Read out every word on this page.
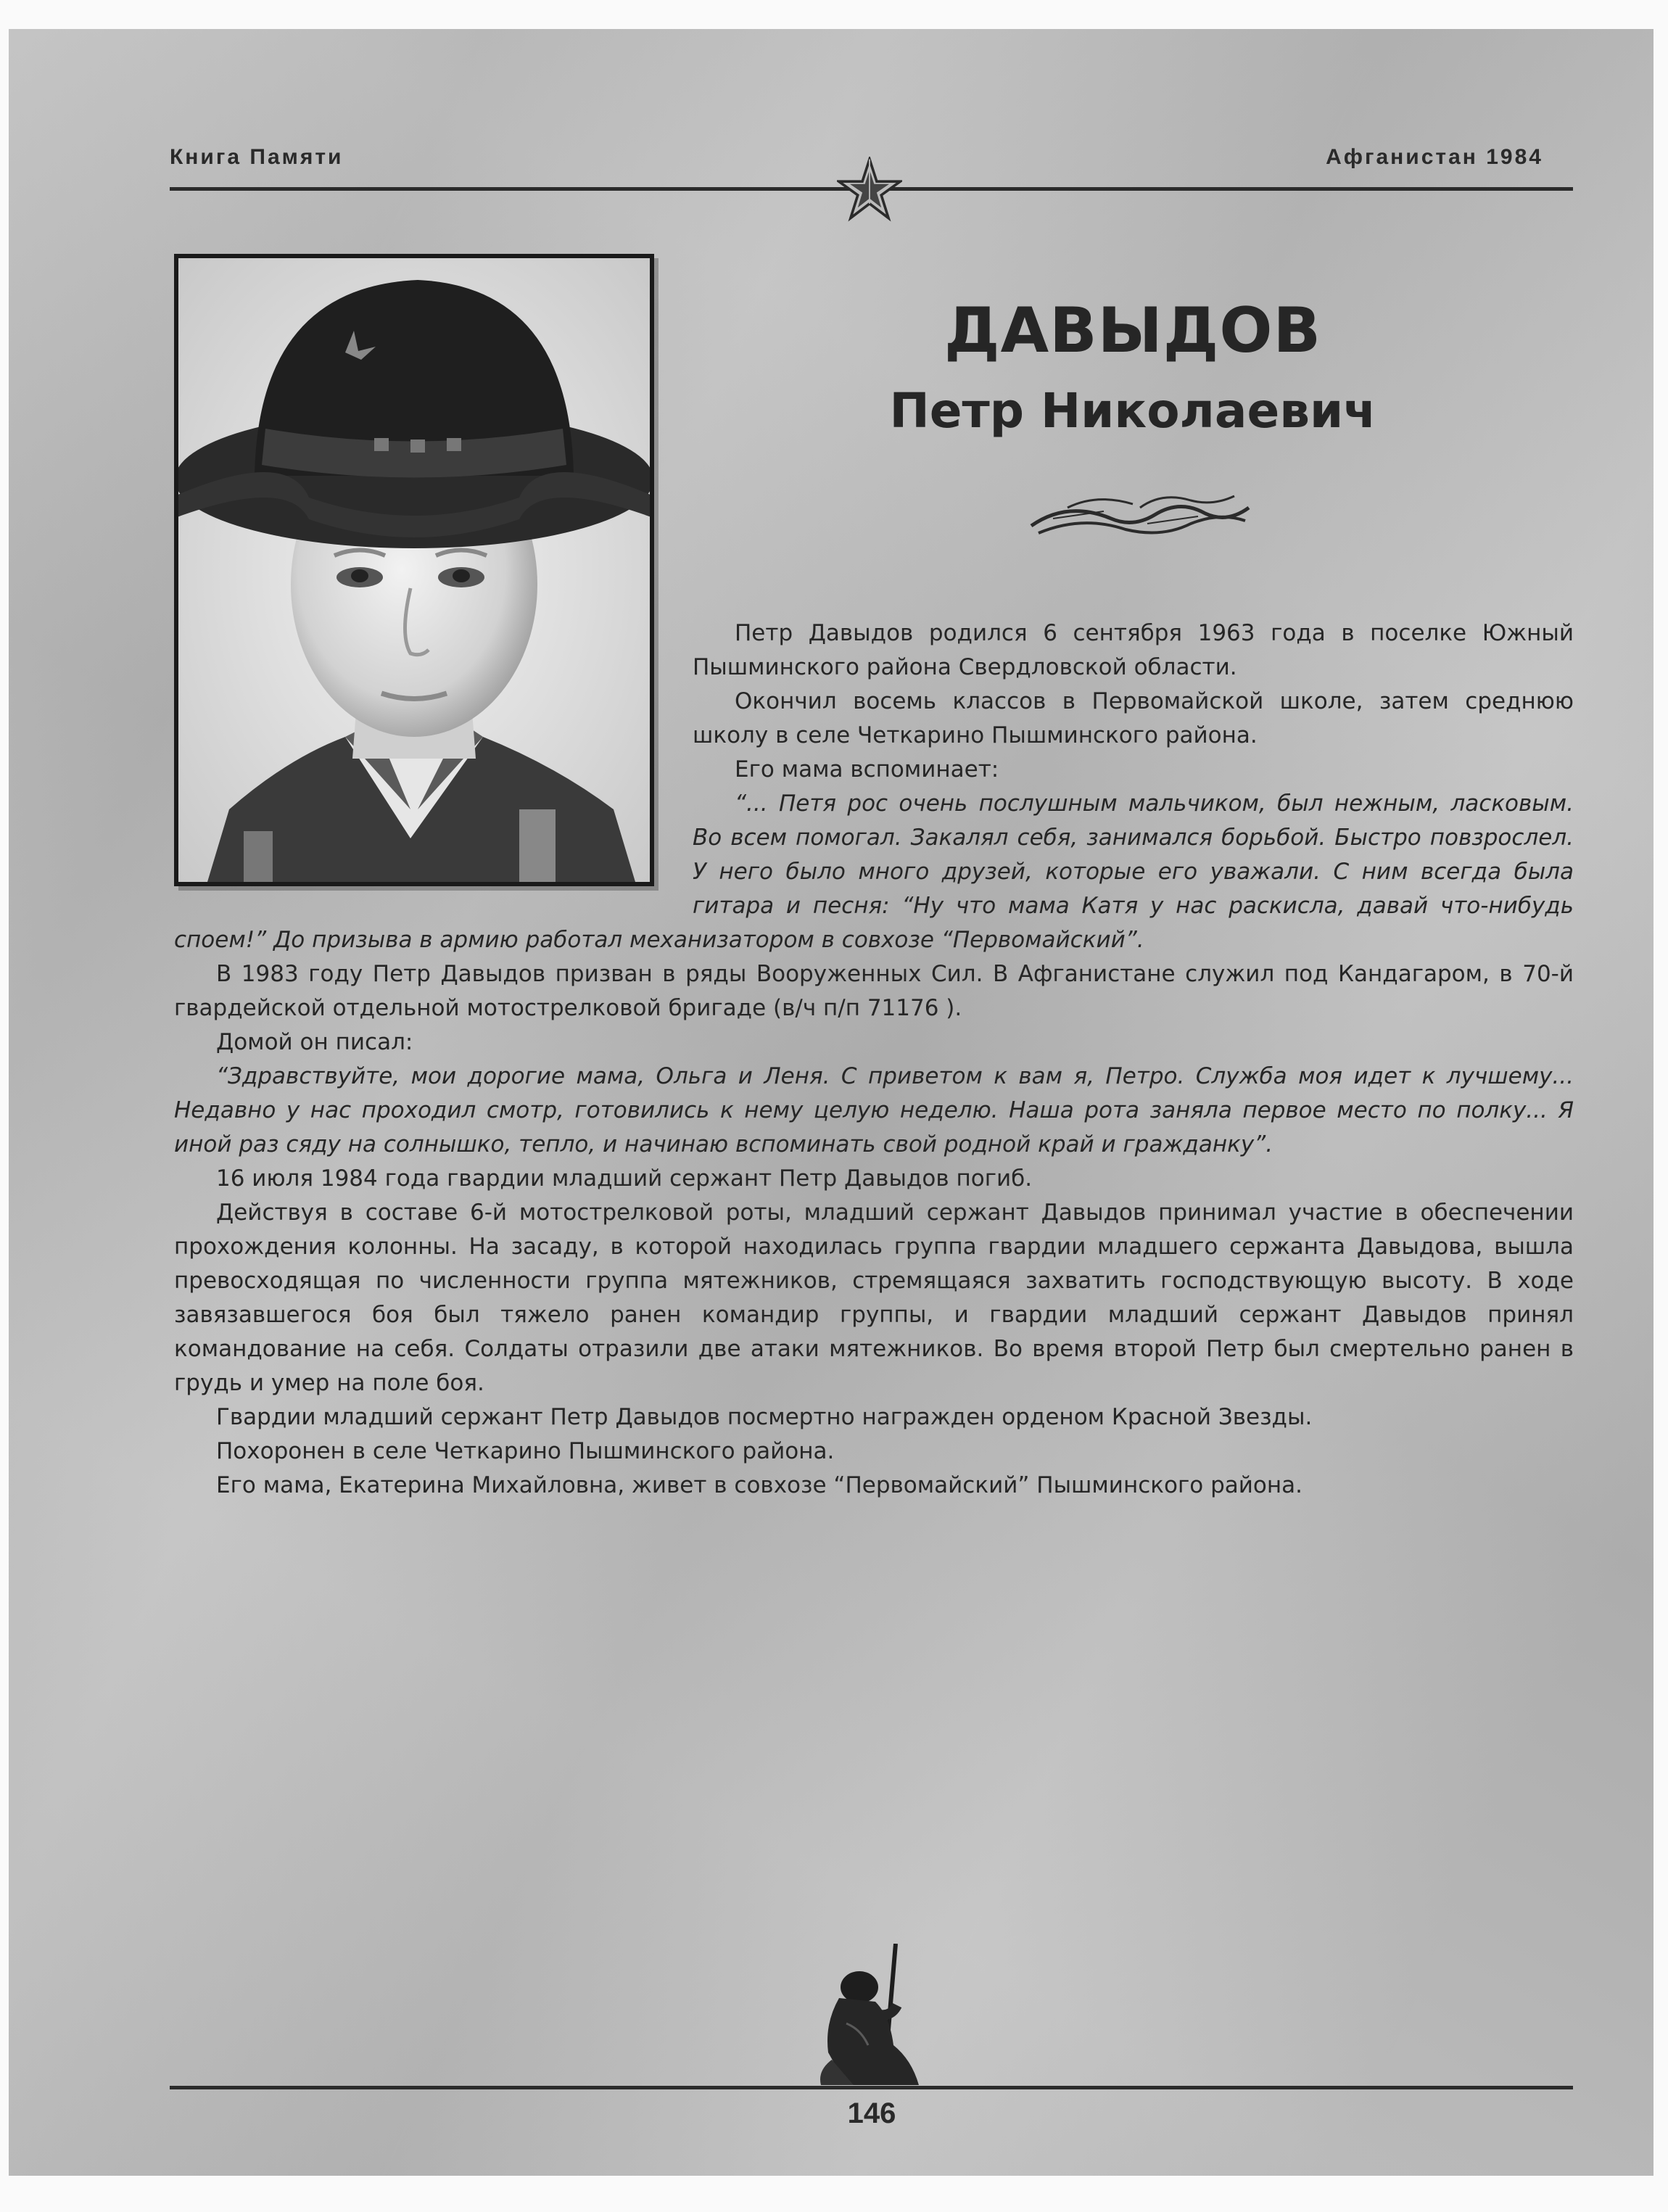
Книга Памяти	Афганистан 1984
ДАВЫДОВ
Петр Николаевич

Петр Давыдов родился 6 сентября 1963 года в поселке Южный Пышминского района Свердловской области.

Окончил восемь классов в Первомайской школе, затем среднюю школу в селе Четкарино Пышминского района.

Его мама вспоминает:

“... Петя рос очень послушным мальчиком, был нежным, ласковым. Во всем помогал. Закалял себя, занимался борьбой. Быстро повзрослел. У него было много друзей, которые его уважали. С ним всегда была гитара и песня: “Ну что мама Катя у нас раскисла, давай что-нибудь споем!” До призыва в армию работал механизатором в совхозе “Первомайский”.

В 1983 году Петр Давыдов призван в ряды Вооруженных Сил. В Афганистане служил под Кандагаром, в 70-й гвардейской отдельной мотострелковой бригаде (в/ч п/п 71176 ).

Домой он писал:

“Здравствуйте, мои дорогие мама, Ольга и Леня. С приветом к вам я, Петро. Служба моя идет к лучшему... Недавно у нас проходил смотр, готовились к нему целую неделю. Наша рота заняла первое место по полку... Я иной раз сяду на солнышко, тепло, и начинаю вспоминать свой родной край и гражданку”.

16 июля 1984 года гвардии младший сержант Петр Давыдов погиб.

Действуя в составе 6-й мотострелковой роты, младший сержант Давыдов принимал участие в обеспечении прохождения колонны. На засаду, в которой находилась группа гвардии младшего сержанта Давыдова, вышла превосходящая по численности группа мятежников, стремящаяся захватить господствующую высоту. В ходе завязавшегося боя был тяжело ранен командир группы, и гвардии младший сержант Давыдов принял командование на себя. Солдаты отразили две атаки мятежников. Во время второй Петр был смертельно ранен в грудь и умер на поле боя.

Гвардии младший сержант Петр Давыдов посмертно награжден орденом Красной Звезды.

Похоронен в селе Четкарино Пышминского района.

Его мама, Екатерина Михайловна, живет в совхозе “Первомайский” Пышминского района.

146
